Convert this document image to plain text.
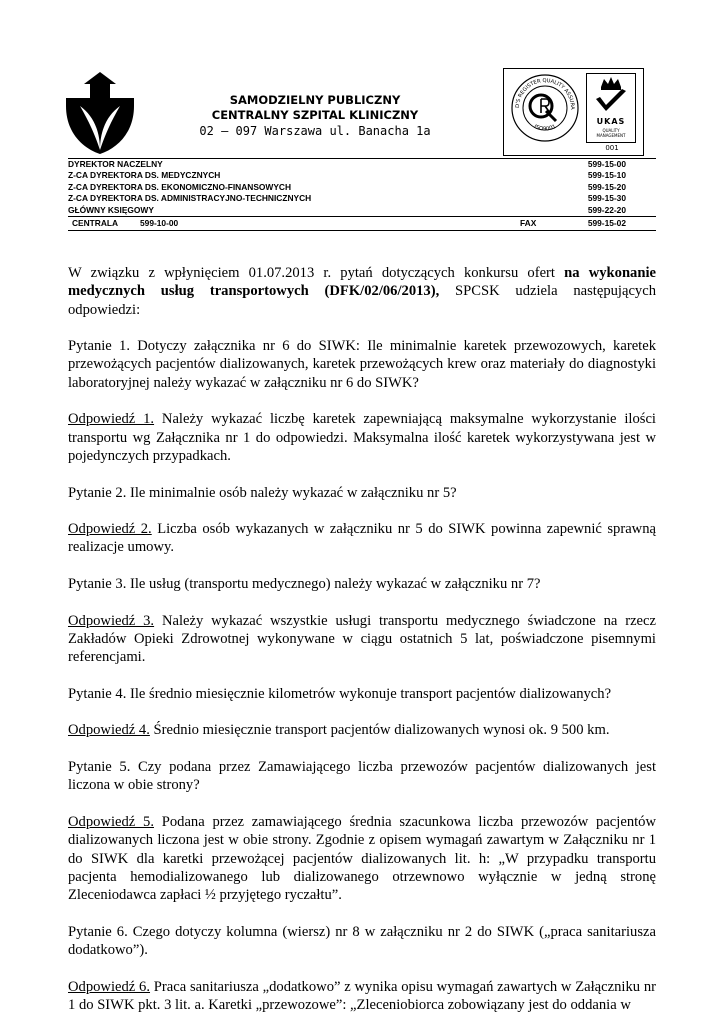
SAMODZIELNY PUBLICZNY
CENTRALNY SZPITAL KLINICZNY
02 – 097 Warszawa ul. Banacha 1a
D'S REGISTER QUALITY ASSURA
ISO9001
UKAS
QUALITY
MANAGEMENT
001
DYREKTOR NACZELNY	599-15-00
Z-CA DYREKTORA DS. MEDYCZNYCH	599-15-10
Z-CA DYREKTORA DS. EKONOMICZNO-FINANSOWYCH	599-15-20
Z-CA DYREKTORA DS. ADMINISTRACYJNO-TECHNICZNYCH	599-15-30
GŁÓWNY KSIĘGOWY	599-22-20
CENTRALA	599-10-00	FAX	599-15-02

W związku z wpłynięciem 01.07.2013 r. pytań dotyczących konkursu ofert na wykonanie medycznych usług transportowych (DFK/02/06/2013), SPCSK udziela następujących odpowiedzi:

Pytanie 1. Dotyczy załącznika nr 6 do SIWK: Ile minimalnie karetek przewozowych, karetek przewożących pacjentów dializowanych, karetek przewożących krew oraz materiały do diagnostyki laboratoryjnej należy wykazać w załączniku nr 6 do SIWK?

Odpowiedź 1. Należy wykazać liczbę karetek zapewniającą maksymalne wykorzystanie ilości transportu wg Załącznika nr 1 do odpowiedzi. Maksymalna ilość karetek wykorzystywana jest w pojedynczych przypadkach.

Pytanie 2. Ile minimalnie osób należy wykazać w załączniku nr 5?

Odpowiedź 2. Liczba osób wykazanych w załączniku nr 5 do SIWK powinna zapewnić sprawną realizacje umowy.

Pytanie 3. Ile usług (transportu medycznego) należy wykazać w załączniku nr 7?

Odpowiedź 3. Należy wykazać wszystkie usługi transportu medycznego świadczone na rzecz Zakładów Opieki Zdrowotnej wykonywane w ciągu ostatnich 5 lat, poświadczone pisemnymi referencjami.

Pytanie 4. Ile średnio miesięcznie kilometrów wykonuje transport pacjentów dializowanych?

Odpowiedź 4. Średnio miesięcznie transport pacjentów dializowanych wynosi ok. 9 500 km.

Pytanie 5. Czy podana przez Zamawiającego liczba przewozów pacjentów dializowanych jest liczona w obie strony?

Odpowiedź 5. Podana przez zamawiającego średnia szacunkowa liczba przewozów pacjentów dializowanych liczona jest w obie strony. Zgodnie z opisem wymagań zawartym w Załączniku nr 1 do SIWK dla karetki przewożącej pacjentów dializowanych lit. h: „W przypadku transportu pacjenta hemodializowanego lub dializowanego otrzewnowo wyłącznie w jedną stronę Zleceniodawca zapłaci ½ przyjętego ryczałtu”.

Pytanie 6. Czego dotyczy kolumna (wiersz) nr 8 w załączniku nr 2 do SIWK („praca sanitariusza dodatkowo”).

Odpowiedź 6. Praca sanitariusza „dodatkowo” z wynika opisu wymagań zawartych w Załączniku nr 1 do SIWK pkt. 3 lit. a. Karetki „przewozowe”: „Zleceniobiorca zobowiązany jest do oddania w
